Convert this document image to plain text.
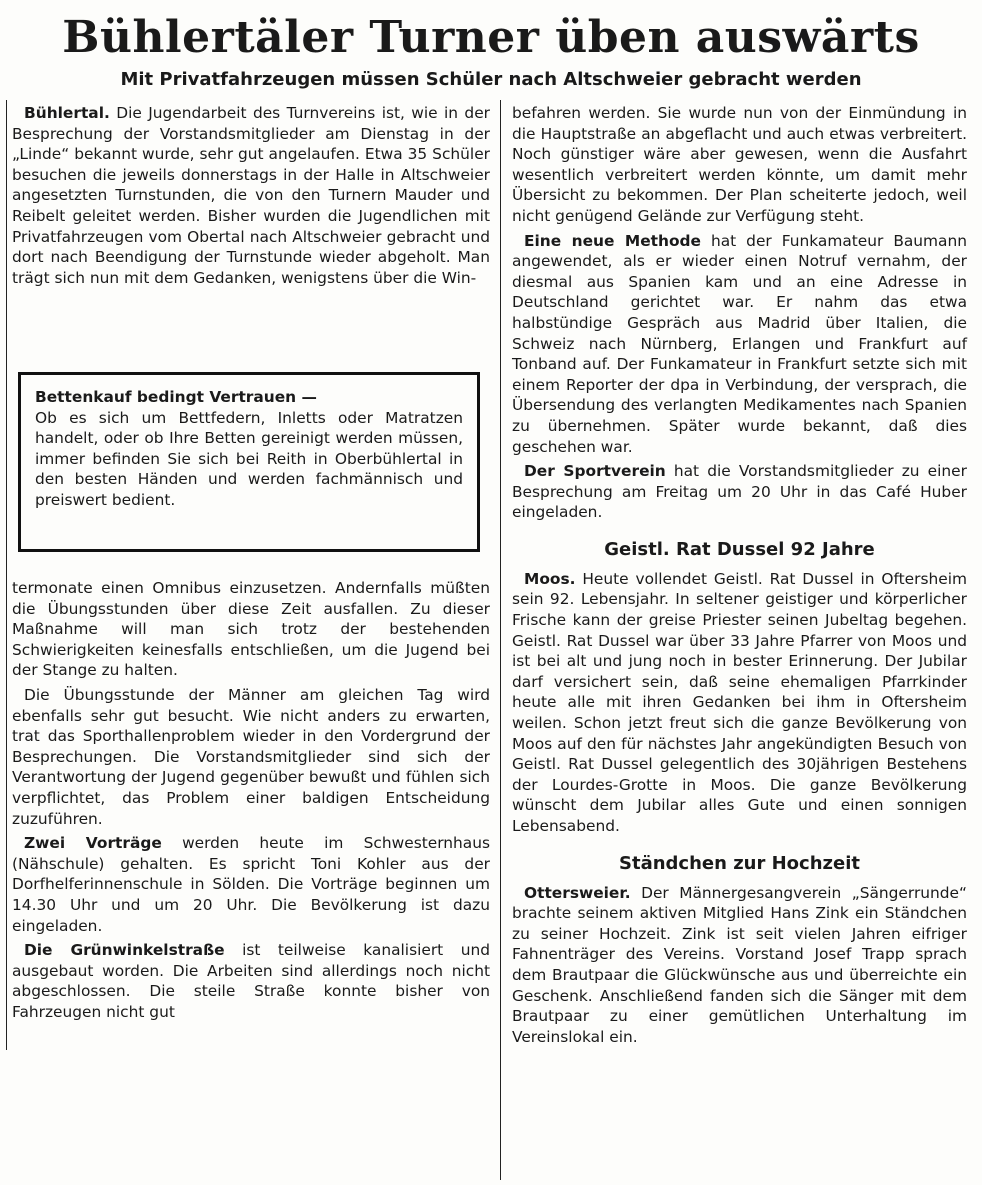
Bühlertäler Turner üben auswärts
Mit Privatfahrzeugen müssen Schüler nach Altschweier gebracht werden

Bühlertal. Die Jugendarbeit des Turnvereins ist, wie in der Besprechung der Vorstandsmitglieder am Dienstag in der „Linde“ bekannt wurde, sehr gut angelaufen. Etwa 35 Schüler besuchen die jeweils donnerstags in der Halle in Altschweier angesetzten Turnstunden, die von den Turnern Mauder und Reibelt geleitet werden. Bisher wurden die Jugendlichen mit Privatfahrzeugen vom Obertal nach Altschweier gebracht und dort nach Beendigung der Turnstunde wieder abgeholt. Man trägt sich nun mit dem Gedanken, wenigstens über die Win-

Bettenkauf bedingt Vertrauen —
Ob es sich um Bettfedern, Inletts oder Matratzen handelt, oder ob Ihre Betten gereinigt werden müssen, immer befinden Sie sich bei Reith in Oberbühlertal in den besten Händen und werden fachmännisch und preiswert bedient.

termonate einen Omnibus einzusetzen. Andernfalls müßten die Übungsstunden über diese Zeit ausfallen. Zu dieser Maßnahme will man sich trotz der bestehenden Schwierigkeiten keinesfalls entschließen, um die Jugend bei der Stange zu halten.

Die Übungsstunde der Männer am gleichen Tag wird ebenfalls sehr gut besucht. Wie nicht anders zu erwarten, trat das Sporthallenproblem wieder in den Vordergrund der Besprechungen. Die Vorstandsmitglieder sind sich der Verantwortung der Jugend gegenüber bewußt und fühlen sich verpflichtet, das Problem einer baldigen Entscheidung zuzuführen.

Zwei Vorträge werden heute im Schwesternhaus (Nähschule) gehalten. Es spricht Toni Kohler aus der Dorfhelferinnenschule in Sölden. Die Vorträge beginnen um 14.30 Uhr und um 20 Uhr. Die Bevölkerung ist dazu eingeladen.

Die Grünwinkelstraße ist teilweise kanalisiert und ausgebaut worden. Die Arbeiten sind allerdings noch nicht abgeschlossen. Die steile Straße konnte bisher von Fahrzeugen nicht gut

befahren werden. Sie wurde nun von der Einmündung in die Hauptstraße an abgeflacht und auch etwas verbreitert. Noch günstiger wäre aber gewesen, wenn die Ausfahrt wesentlich verbreitert werden könnte, um damit mehr Übersicht zu bekommen. Der Plan scheiterte jedoch, weil nicht genügend Gelände zur Verfügung steht.

Eine neue Methode hat der Funkamateur Baumann angewendet, als er wieder einen Notruf vernahm, der diesmal aus Spanien kam und an eine Adresse in Deutschland gerichtet war. Er nahm das etwa halbstündige Gespräch aus Madrid über Italien, die Schweiz nach Nürnberg, Erlangen und Frankfurt auf Tonband auf. Der Funkamateur in Frankfurt setzte sich mit einem Reporter der dpa in Verbindung, der versprach, die Übersendung des verlangten Medikamentes nach Spanien zu übernehmen. Später wurde bekannt, daß dies geschehen war.

Der Sportverein hat die Vorstandsmitglieder zu einer Besprechung am Freitag um 20 Uhr in das Café Huber eingeladen.

Geistl. Rat Dussel 92 Jahre

Moos. Heute vollendet Geistl. Rat Dussel in Oftersheim sein 92. Lebensjahr. In seltener geistiger und körperlicher Frische kann der greise Priester seinen Jubeltag begehen. Geistl. Rat Dussel war über 33 Jahre Pfarrer von Moos und ist bei alt und jung noch in bester Erinnerung. Der Jubilar darf versichert sein, daß seine ehemaligen Pfarrkinder heute alle mit ihren Gedanken bei ihm in Oftersheim weilen. Schon jetzt freut sich die ganze Bevölkerung von Moos auf den für nächstes Jahr angekündigten Besuch von Geistl. Rat Dussel gelegentlich des 30jährigen Bestehens der Lourdes-Grotte in Moos. Die ganze Bevölkerung wünscht dem Jubilar alles Gute und einen sonnigen Lebensabend.

Ständchen zur Hochzeit

Ottersweier. Der Männergesangverein „Sängerrunde“ brachte seinem aktiven Mitglied Hans Zink ein Ständchen zu seiner Hochzeit. Zink ist seit vielen Jahren eifriger Fahnenträger des Vereins. Vorstand Josef Trapp sprach dem Brautpaar die Glückwünsche aus und überreichte ein Geschenk. Anschließend fanden sich die Sänger mit dem Brautpaar zu einer gemütlichen Unterhaltung im Vereinslokal ein.
